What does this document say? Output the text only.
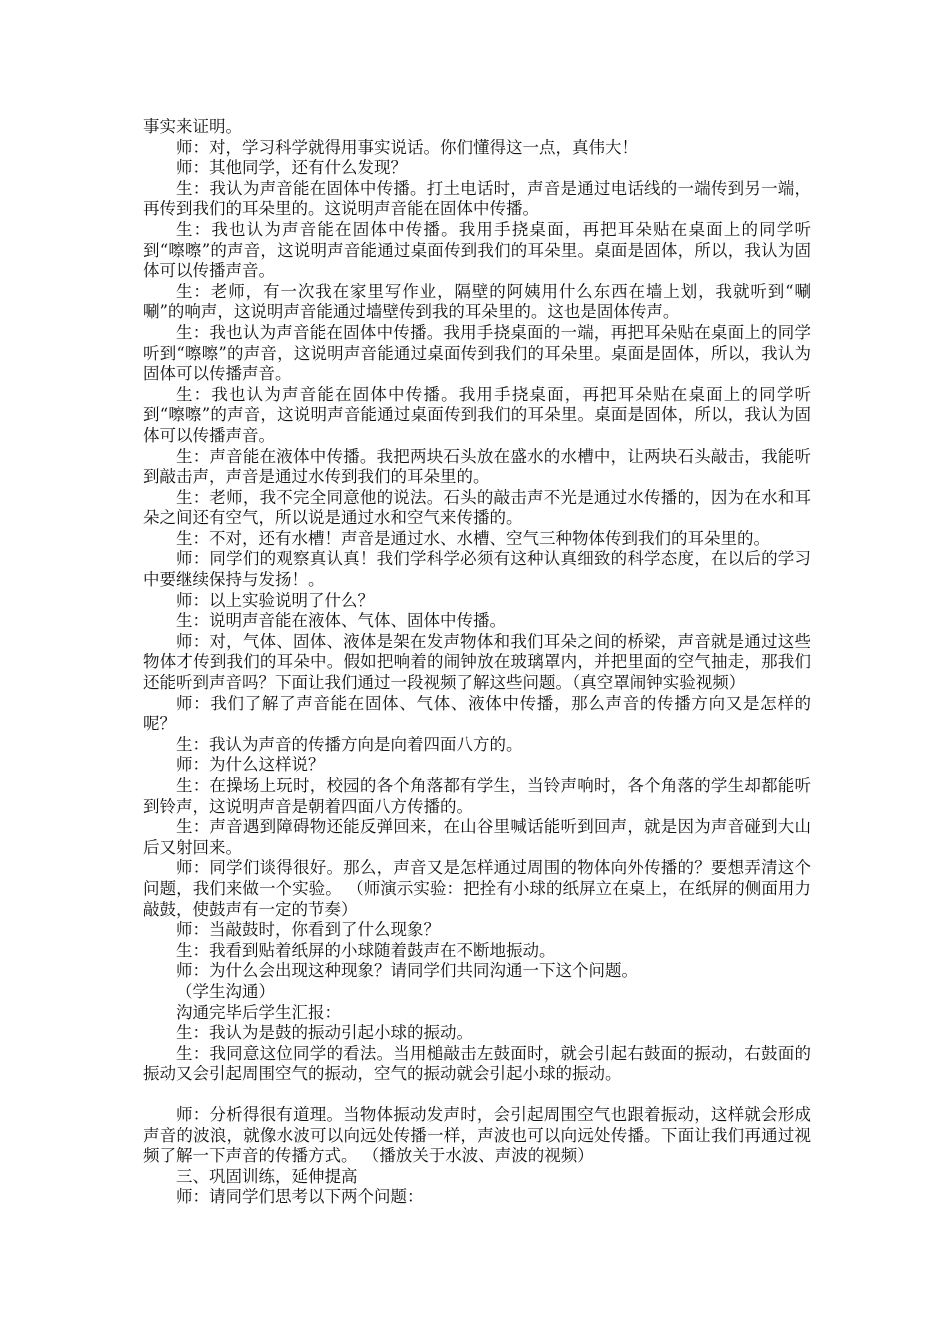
事实来证明。

师：对，学习科学就得用事实说话。你们懂得这一点，真伟大！

师：其他同学，还有什么发现？

生：我认为声音能在固体中传播。打土电话时，声音是通过电话线的一端传到另一端，再传到我们的耳朵里的。这说明声音能在固体中传播。

生：我也认为声音能在固体中传播。我用手挠桌面，再把耳朵贴在桌面上的同学听到“嚓嚓”的声音，这说明声音能通过桌面传到我们的耳朵里。桌面是固体，所以，我认为固体可以传播声音。

生：老师，有一次我在家里写作业，隔壁的阿姨用什么东西在墙上划，我就听到“唰唰”的响声，这说明声音能通过墙壁传到我的耳朵里的。这也是固体传声。

生：我也认为声音能在固体中传播。我用手挠桌面的一端，再把耳朵贴在桌面上的同学听到“嚓嚓”的声音，这说明声音能通过桌面传到我们的耳朵里。桌面是固体，所以，我认为固体可以传播声音。

生：我也认为声音能在固体中传播。我用手挠桌面，再把耳朵贴在桌面上的同学听到“嚓嚓”的声音，这说明声音能通过桌面传到我们的耳朵里。桌面是固体，所以，我认为固体可以传播声音。

生：声音能在液体中传播。我把两块石头放在盛水的水槽中，让两块石头敲击，我能听到敲击声，声音是通过水传到我们的耳朵里的。

生：老师，我不完全同意他的说法。石头的敲击声不光是通过水传播的，因为在水和耳朵之间还有空气，所以说是通过水和空气来传播的。

生：不对，还有水槽！声音是通过水、水槽、空气三种物体传到我们的耳朵里的。

师：同学们的观察真认真！我们学科学必须有这种认真细致的科学态度，在以后的学习中要继续保持与发扬！。

师：以上实验说明了什么？

生：说明声音能在液体、气体、固体中传播。

师：对，气体、固体、液体是架在发声物体和我们耳朵之间的桥梁，声音就是通过这些物体才传到我们的耳朵中。假如把响着的闹钟放在玻璃罩内，并把里面的空气抽走，那我们还能听到声音吗？下面让我们通过一段视频了解这些问题。（真空罩闹钟实验视频）

师：我们了解了声音能在固体、气体、液体中传播，那么声音的传播方向又是怎样的呢？

生：我认为声音的传播方向是向着四面八方的。

师：为什么这样说？

生：在操场上玩时，校园的各个角落都有学生，当铃声响时，各个角落的学生却都能听到铃声，这说明声音是朝着四面八方传播的。

生：声音遇到障碍物还能反弹回来，在山谷里喊话能听到回声，就是因为声音碰到大山后又射回来。

师：同学们谈得很好。那么，声音又是怎样通过周围的物体向外传播的？要想弄清这个问题，我们来做一个实验。 （师演示实验：把拴有小球的纸屏立在桌上，在纸屏的侧面用力敲鼓，使鼓声有一定的节奏）

师：当敲鼓时，你看到了什么现象？

生：我看到贴着纸屏的小球随着鼓声在不断地振动。

师：为什么会出现这种现象？请同学们共同沟通一下这个问题。

（学生沟通）

沟通完毕后学生汇报：

生：我认为是鼓的振动引起小球的振动。

生：我同意这位同学的看法。当用槌敲击左鼓面时，就会引起右鼓面的振动，右鼓面的振动又会引起周围空气的振动，空气的振动就会引起小球的振动。

师：分析得很有道理。当物体振动发声时，会引起周围空气也跟着振动，这样就会形成声音的波浪，就像水波可以向远处传播一样，声波也可以向远处传播。下面让我们再通过视频了解一下声音的传播方式。 （播放关于水波、声波的视频）

三、巩固训练，延伸提高

师：请同学们思考以下两个问题：
